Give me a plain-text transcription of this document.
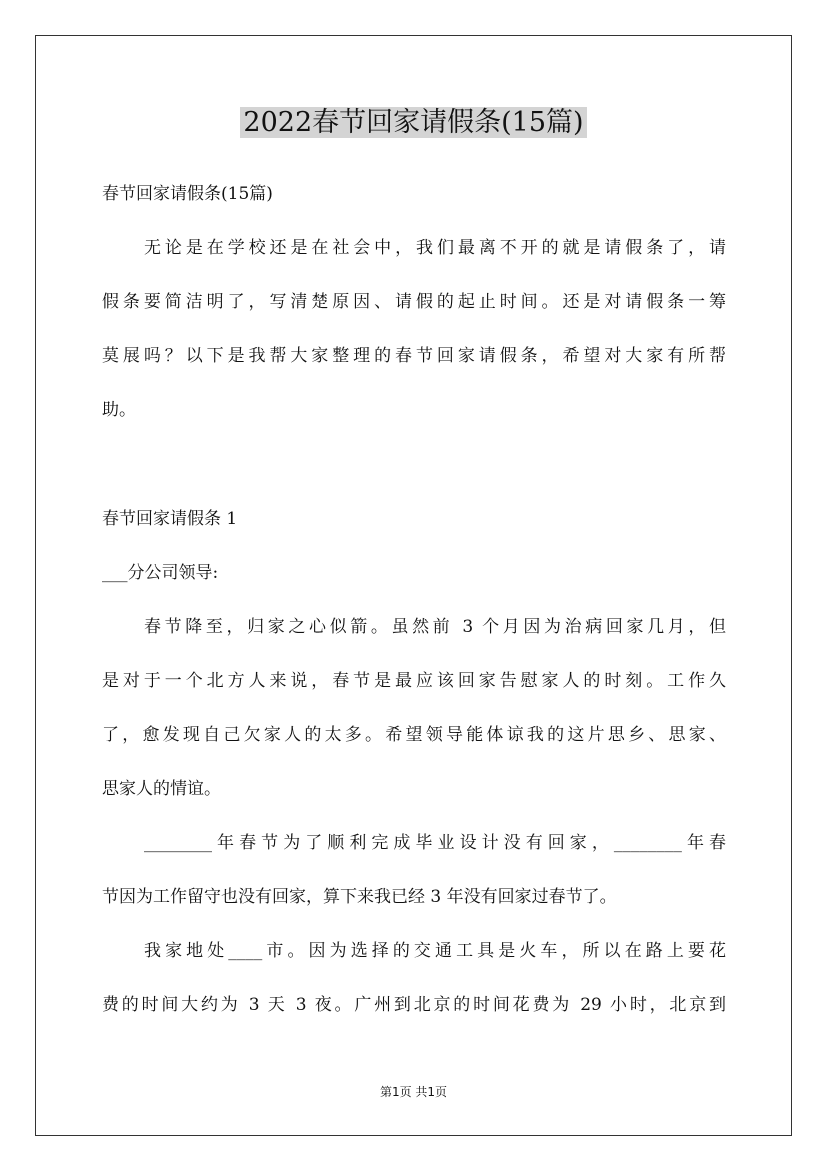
2022春节回家请假条(15篇)
春节回家请假条(15篇)
无论是在学校还是在社会中，我们最离不开的就是请假条了，请
假条要简洁明了，写清楚原因、请假的起止时间。还是对请假条一筹
莫展吗？以下是我帮大家整理的春节回家请假条，希望对大家有所帮
助。
春节回家请假条 1
___分公司领导:
春节降至，归家之心似箭。虽然前 3 个月因为治病回家几月，但
是对于一个北方人来说，春节是最应该回家告慰家人的时刻。工作久
了，愈发现自己欠家人的太多。希望领导能体谅我的这片思乡、思家、
思家人的情谊。
________年春节为了顺利完成毕业设计没有回家，________年春
节因为工作留守也没有回家，算下来我已经 3 年没有回家过春节了。
我家地处____市。因为选择的交通工具是火车，所以在路上要花
费的时间大约为 3 天 3 夜。广州到北京的时间花费为 29 小时，北京到
第1页 共1页
